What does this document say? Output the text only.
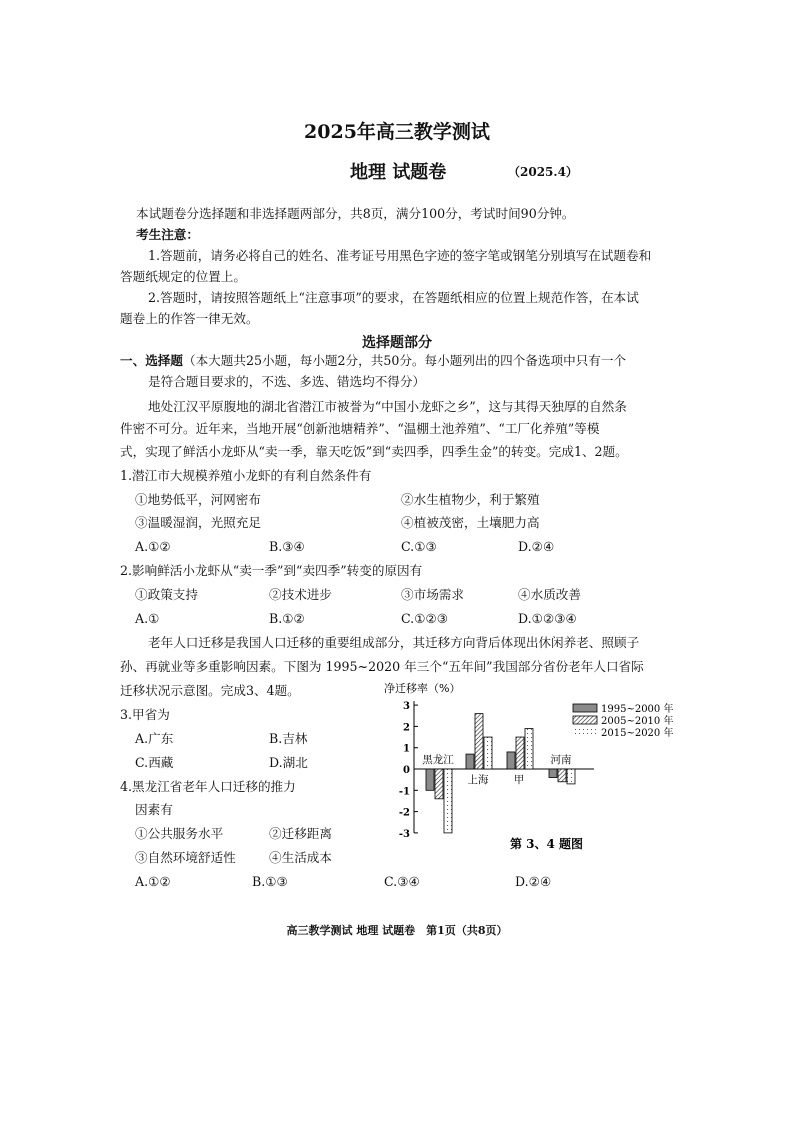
2025年高三教学测试
地理 试题卷	（2025.4）
本试题卷分选择题和非选择题两部分，共8页，满分100分，考试时间90分钟。
考生注意：
1.答题前，请务必将自己的姓名、准考证号用黑色字迹的签字笔或钢笔分别填写在试题卷和
答题纸规定的位置上。
2.答题时，请按照答题纸上“注意事项”的要求，在答题纸相应的位置上规范作答，在本试
题卷上的作答一律无效。
选择题部分
一、选择题（本大题共25小题，每小题2分，共50分。每小题列出的四个备选项中只有一个
是符合题目要求的，不选、多选、错选均不得分）
地处江汉平原腹地的湖北省潜江市被誉为“中国小龙虾之乡”，这与其得天独厚的自然条
件密不可分。近年来，当地开展“创新池塘精养”、“温棚土池养殖”、“工厂化养殖”等模
式，实现了鲜活小龙虾从“卖一季，靠天吃饭”到“卖四季，四季生金”的转变。完成1、2题。
1.潜江市大规模养殖小龙虾的有利自然条件有
①地势低平，河网密布	②水生植物少，利于繁殖
③温暖湿润，光照充足	④植被茂密，土壤肥力高
A.①②	B.③④	C.①③	D.②④
2.影响鲜活小龙虾从“卖一季”到“卖四季”转变的原因有
①政策支持	②技术进步	③市场需求	④水质改善
A.①	B.①②	C.①②③	D.①②③④
老年人口迁移是我国人口迁移的重要组成部分，其迁移方向背后体现出休闲养老、照顾子
孙、再就业等多重影响因素。下图为 1995~2020 年三个“五年间”我国部分省份老年人口省际
迁移状况示意图。完成3、4题。
3.甲省为
A.广东	B.吉林
C.西藏	D.湖北
4.黑龙江省老年人口迁移的推力
因素有
①公共服务水平	②迁移距离
③自然环境舒适性	④生活成本
A.①②	B.①③	C.③④	D.②④
净迁移率（%）
-3
-2
-1
0
1
2
3
黑龙江
上海 甲
河南
1995~2000 年
2005~2010 年
2015~2020 年
第 3、4 题图
高三教学测试 地理 试题卷　第1页（共8页）
